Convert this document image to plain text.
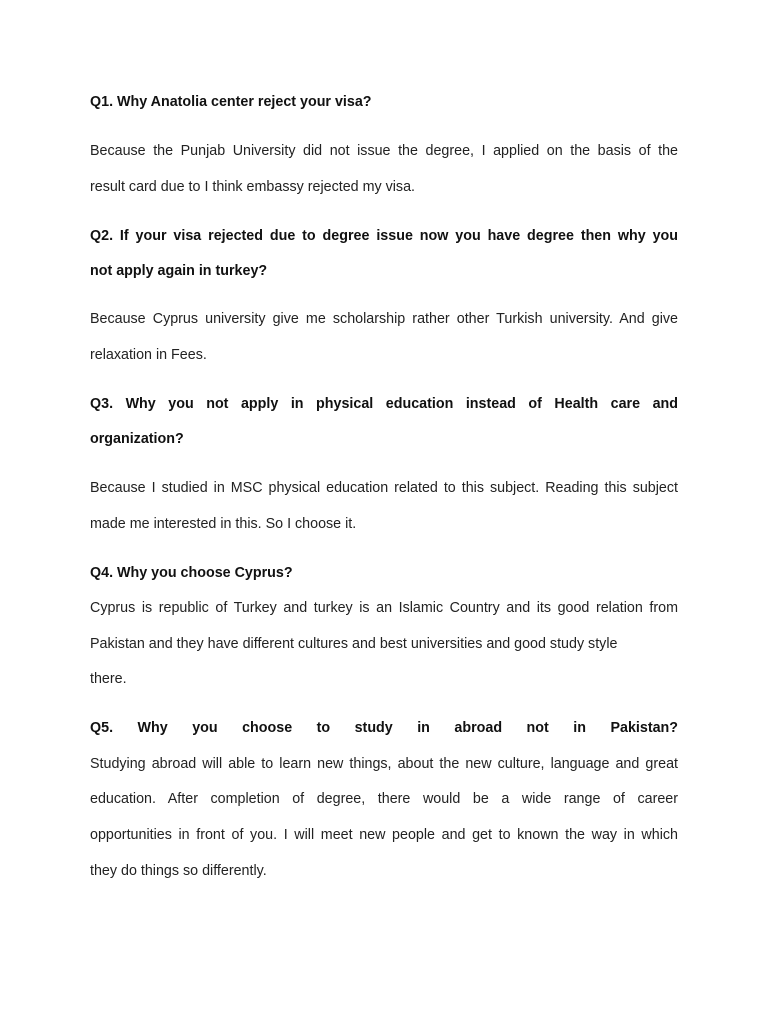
Q1. Why Anatolia center reject your visa?
Because the Punjab University did not issue the degree, I applied on the basis of the
result card due to I think embassy rejected my visa.
Q2. If your visa rejected due to degree issue now you have degree then why you
not apply again in turkey?
Because Cyprus university give me scholarship rather other Turkish university. And give
relaxation in Fees.
Q3. Why you not apply in physical education instead of Health care and
organization?
Because I studied in MSC physical education related to this subject. Reading this subject
made me interested in this. So I choose it.
Q4. Why you choose Cyprus?
Cyprus is republic of Turkey and turkey is an Islamic Country and its good relation from
Pakistan and they have different cultures and best universities and good study style
there.
Q5. Why you choose to study in abroad not in Pakistan?
Studying abroad will able to learn new things, about the new culture, language and great
education. After completion of degree, there would be a wide range of career
opportunities in front of you. I will meet new people and get to known the way in which
they do things so differently.
